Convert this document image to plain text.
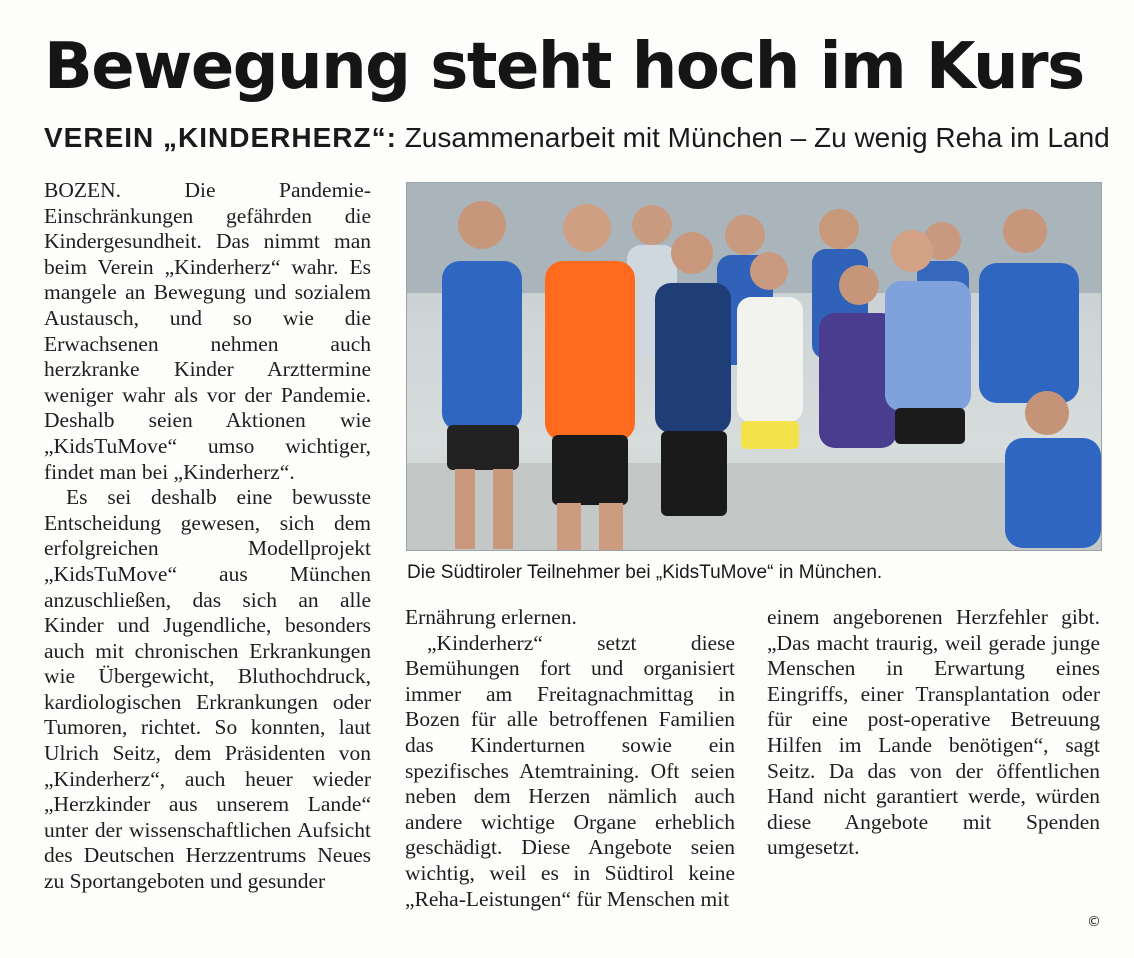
Bewegung steht hoch im Kurs
VEREIN „KINDERHERZ“: Zusammenarbeit mit München – Zu wenig Reha im Land

BOZEN. Die Pandemie-Einschränkungen gefährden die Kindergesundheit. Das nimmt man beim Verein „Kinderherz“ wahr. Es mangele an Bewegung und sozialem Austausch, und so wie die Erwachsenen nehmen auch herzkranke Kinder Arzttermine weniger wahr als vor der Pandemie. Deshalb seien Aktionen wie „KidsTuMove“ umso wichtiger, findet man bei „Kinderherz“.

Es sei deshalb eine bewusste Entscheidung gewesen, sich dem erfolgreichen Modellprojekt „KidsTuMove“ aus München anzuschließen, das sich an alle Kinder und Jugendliche, besonders auch mit chronischen Erkrankungen wie Übergewicht, Bluthochdruck, kardiologischen Erkrankungen oder Tumoren, richtet. So konnten, laut Ulrich Seitz, dem Präsidenten von „Kinderherz“, auch heuer wieder „Herzkinder aus unserem Lande“ unter der wissenschaftlichen Aufsicht des Deutschen Herzzentrums Neues zu Sportangeboten und gesunder

Ernährung erlernen.

„Kinderherz“ setzt diese Bemühungen fort und organisiert immer am Freitagnachmittag in Bozen für alle betroffenen Familien das Kinderturnen sowie ein spezifisches Atemtraining. Oft seien neben dem Herzen nämlich auch andere wichtige Organe erheblich geschädigt. Diese Angebote seien wichtig, weil es in Südtirol keine „Reha-Leistungen“ für Menschen mit

einem angeborenen Herzfehler gibt. „Das macht traurig, weil gerade junge Menschen in Erwartung eines Eingriffs, einer Transplantation oder für eine post-operative Betreuung Hilfen im Lande benötigen“, sagt Seitz. Da das von der öffentlichen Hand nicht garantiert werde, würden diese Angebote mit Spenden umgesetzt.

Die Südtiroler Teilnehmer bei „KidsTuMove“ in München.
©
